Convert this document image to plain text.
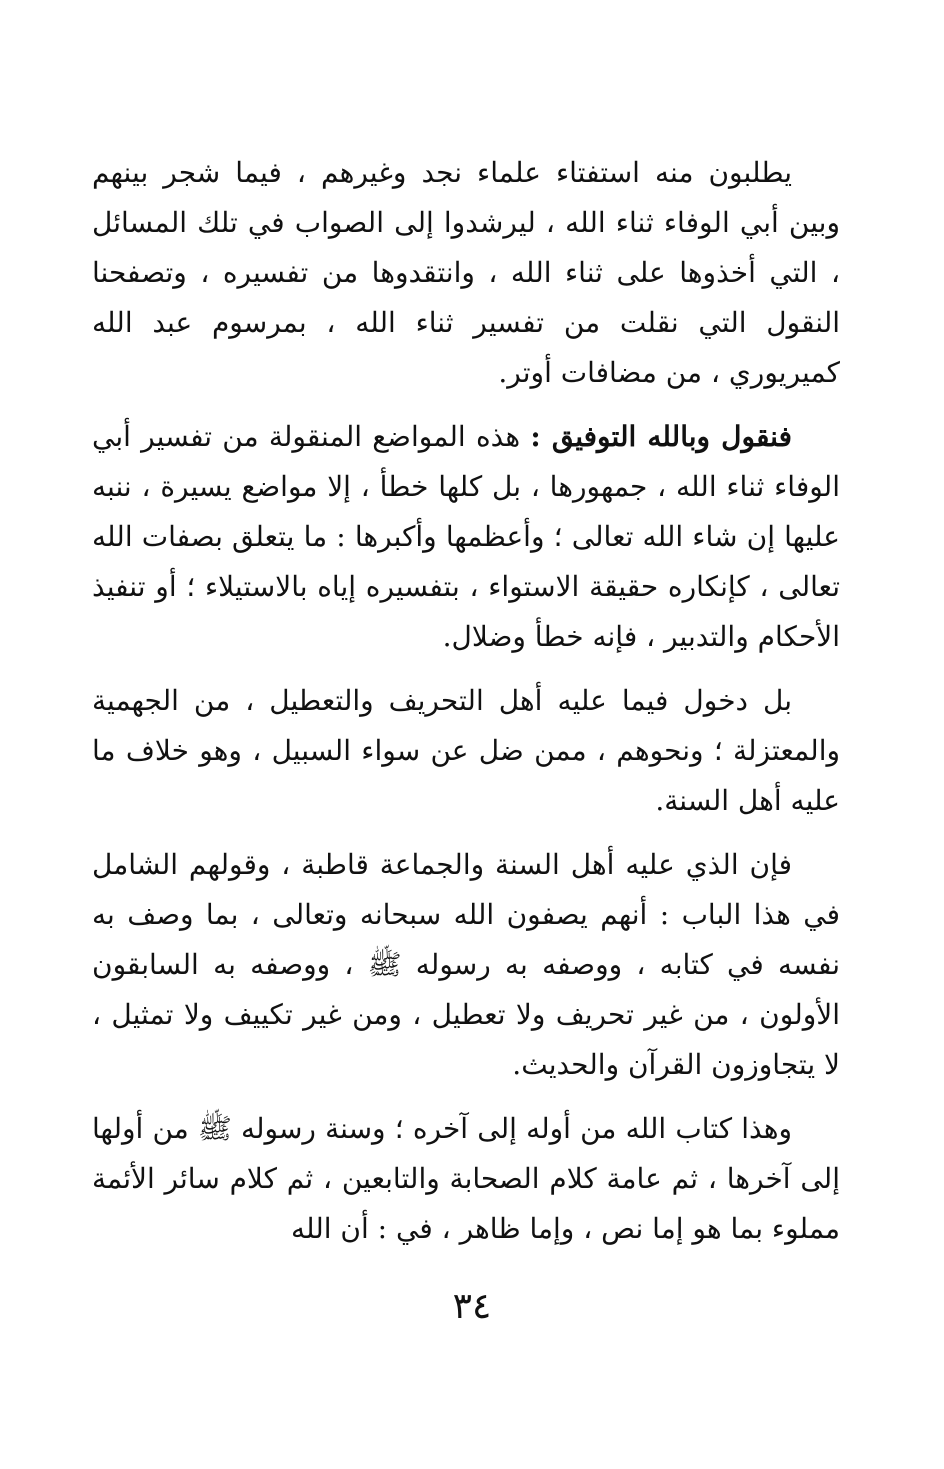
يطلبون منه استفتاء علماء نجد وغيرهم ، فيما شجر بينهم وبين أبي الوفاء ثناء الله ، ليرشدوا إلى الصواب في تلك المسائل ، التي أخذوها على ثناء الله ، وانتقدوها من تفسيره ، وتصفحنا النقول التي نقلت من تفسير ثناء الله ، بمرسوم عبد الله كميريوري ، من مضافات أوتر.

فنقول وبالله التوفيق : هذه المواضع المنقولة من تفسير أبي الوفاء ثناء الله ، جمهورها ، بل كلها خطأ ، إلا مواضع يسيرة ، ننبه عليها إن شاء الله تعالى ؛ وأعظمها وأكبرها : ما يتعلق بصفات الله تعالى ، كإنكاره حقيقة الاستواء ، بتفسيره إياه بالاستيلاء ؛ أو تنفيذ الأحكام والتدبير ، فإنه خطأ وضلال.

بل دخول فيما عليه أهل التحريف والتعطيل ، من الجهمية والمعتزلة ؛ ونحوهم ، ممن ضل عن سواء السبيل ، وهو خلاف ما عليه أهل السنة.

فإن الذي عليه أهل السنة والجماعة قاطبة ، وقولهم الشامل في هذا الباب : أنهم يصفون الله سبحانه وتعالى ، بما وصف به نفسه في كتابه ، ووصفه به رسوله ﷺ ، ووصفه به السابقون الأولون ، من غير تحريف ولا تعطيل ، ومن غير تكييف ولا تمثيل ، لا يتجاوزون القرآن والحديث.

وهذا كتاب الله من أوله إلى آخره ؛ وسنة رسوله ﷺ من أولها إلى آخرها ، ثم عامة كلام الصحابة والتابعين ، ثم كلام سائر الأئمة مملوء بما هو إما نص ، وإما ظاهر ، في : أن الله

٣٤
